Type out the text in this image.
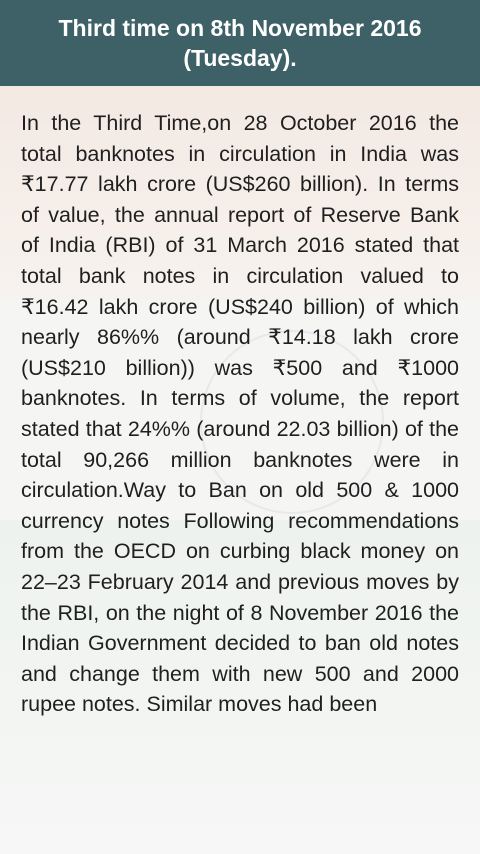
Third time on 8th November 2016 (Tuesday).

In the Third Time,on 28 October 2016 the total banknotes in circulation in India was ₹17.77 lakh crore (US$260 billion). In terms of value, the annual report of Reserve Bank of India (RBI) of 31 March 2016 stated that total bank notes in circulation valued to ₹16.42 lakh crore (US$240 billion) of which nearly 86%% (around ₹14.18 lakh crore (US$210 billion)) was ₹500 and ₹1000 banknotes. In terms of volume, the report stated that 24%% (around 22.03 billion) of the total 90,266 million banknotes were in circulation.Way to Ban on old 500 & 1000 currency notes Following recommendations from the OECD on curbing black money on 22–23 February 2014 and previous moves by the RBI, on the night of 8 November 2016 the Indian Government decided to ban old notes and change them with new 500 and 2000 rupee notes. Similar moves had been
